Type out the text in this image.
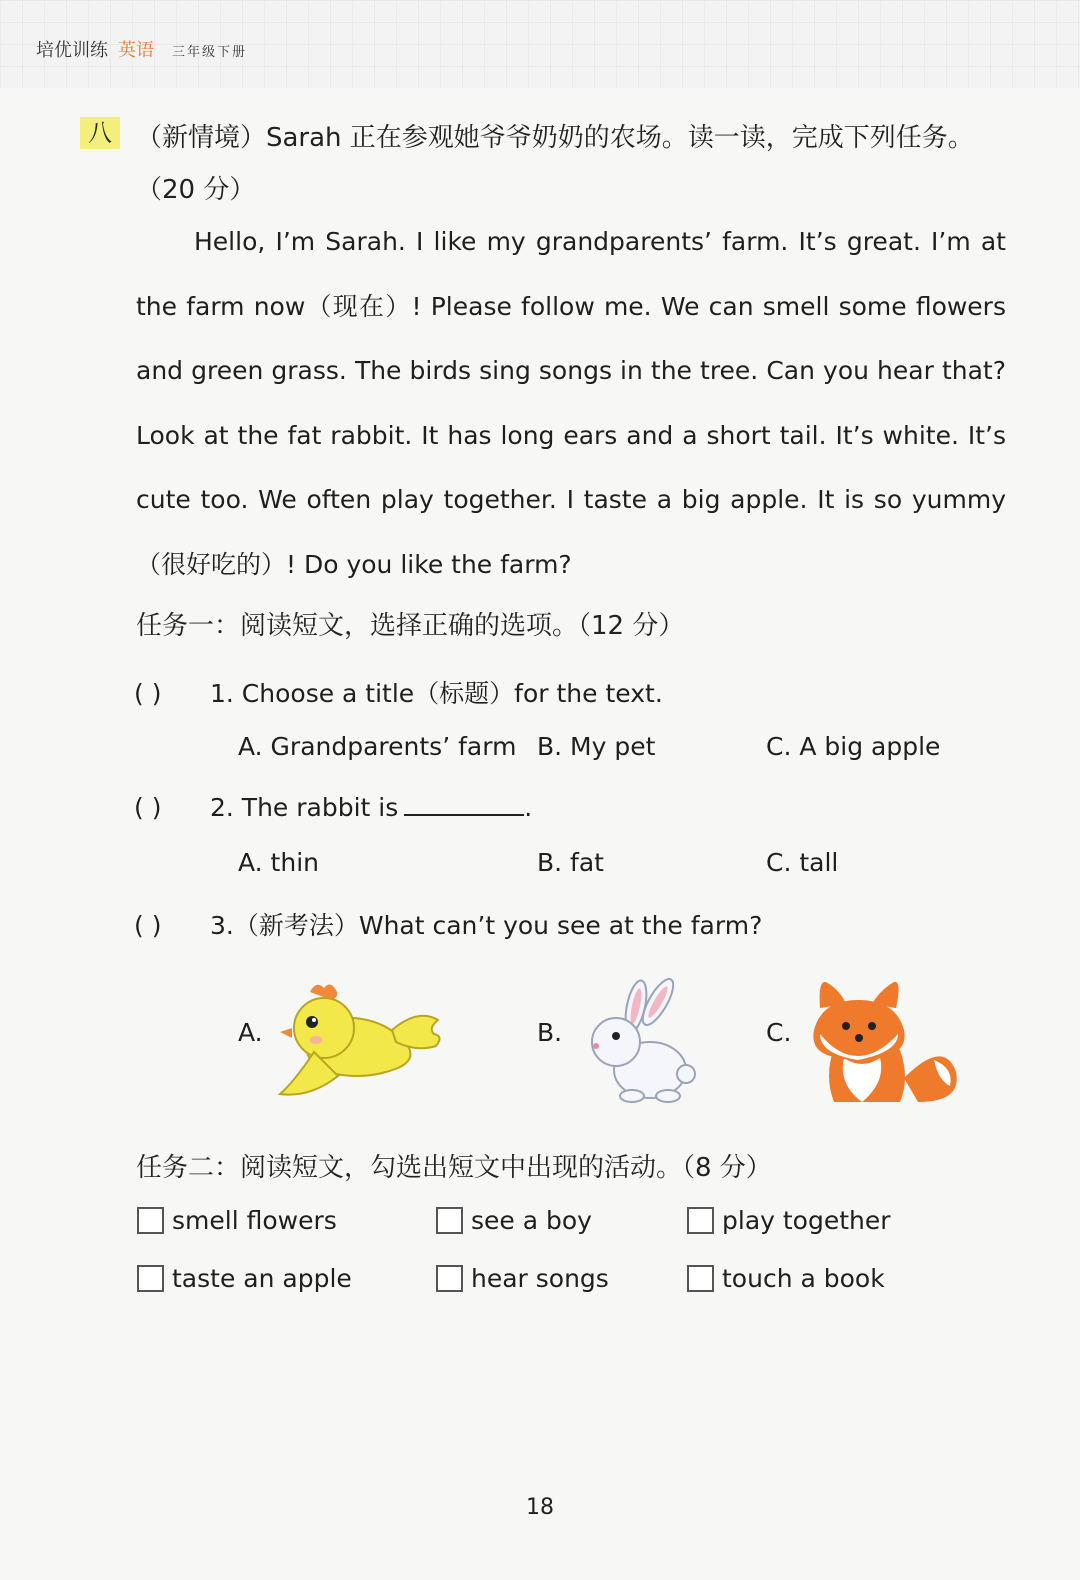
培优训练 英语 三年级下册
八 （新情境）Sarah 正在参观她爷爷奶奶的农场。读一读，完成下列任务。（20 分）

Hello, I’m Sarah. I like my grandparents’ farm. It’s great. I’m at the farm now（现在）! Please follow me. We can smell some flowers and green grass. The birds sing songs in the tree. Can you hear that? Look at the fat rabbit. It has long ears and a short tail. It’s white. It’s cute too. We often play together. I taste a big apple. It is so yummy（很好吃的）! Do you like the farm?

任务一：阅读短文，选择正确的选项。（12 分）
( )	1. Choose a title（标题）for the text.
A. Grandparents’ farm B. My pet	C. A big apple
( )	2. The rabbit is	.
A. thin	B. fat	C. tall
( )	3.（新考法）What can’t you see at the farm?
A.	B.	C.
任务二：阅读短文，勾选出短文中出现的活动。（8 分）
smell flowers	see a boy	play together
taste an apple	hear songs	touch a book
18
